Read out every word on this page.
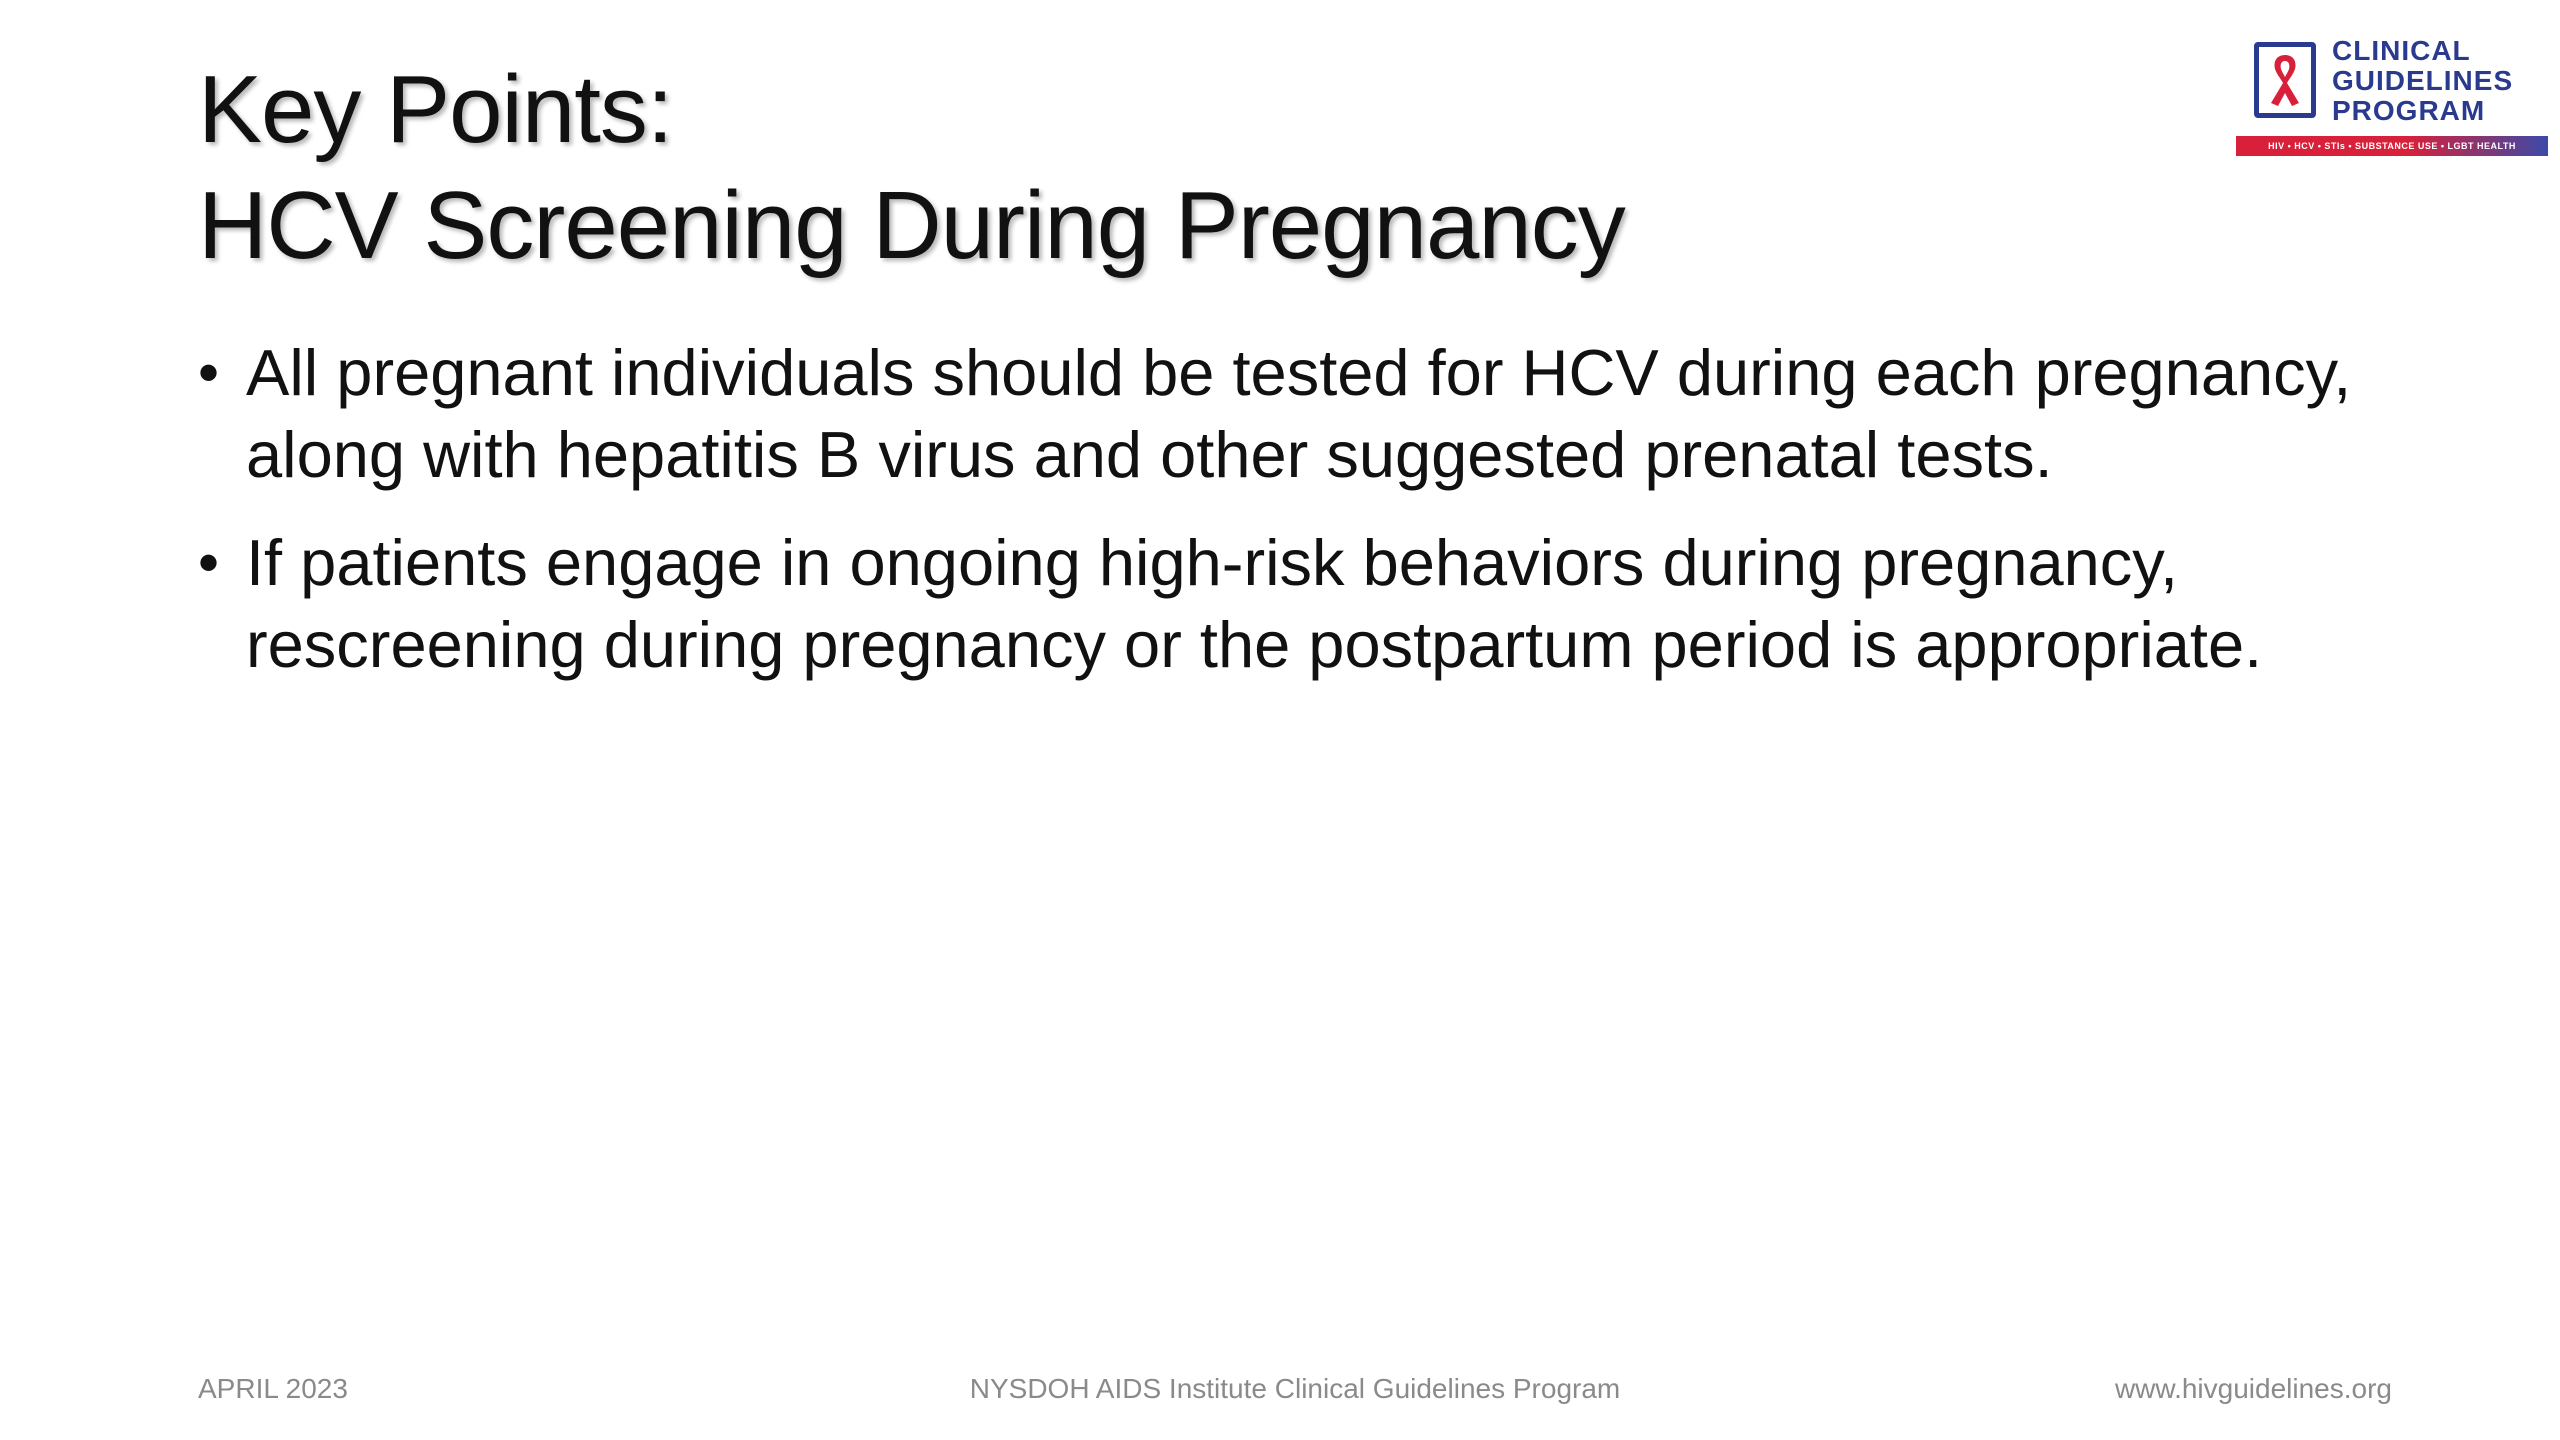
Key Points:
HCV Screening During Pregnancy
• All pregnant individuals should be tested for HCV during each pregnancy, along with hepatitis B virus and other suggested prenatal tests.
• If patients engage in ongoing high-risk behaviors during pregnancy, rescreening during pregnancy or the postpartum period is appropriate.
CLINICAL
GUIDELINES
PROGRAM
HIV • HCV • STIs • SUBSTANCE USE • LGBT HEALTH
APRIL 2023	NYSDOH AIDS Institute Clinical Guidelines Program	www.hivguidelines.org
